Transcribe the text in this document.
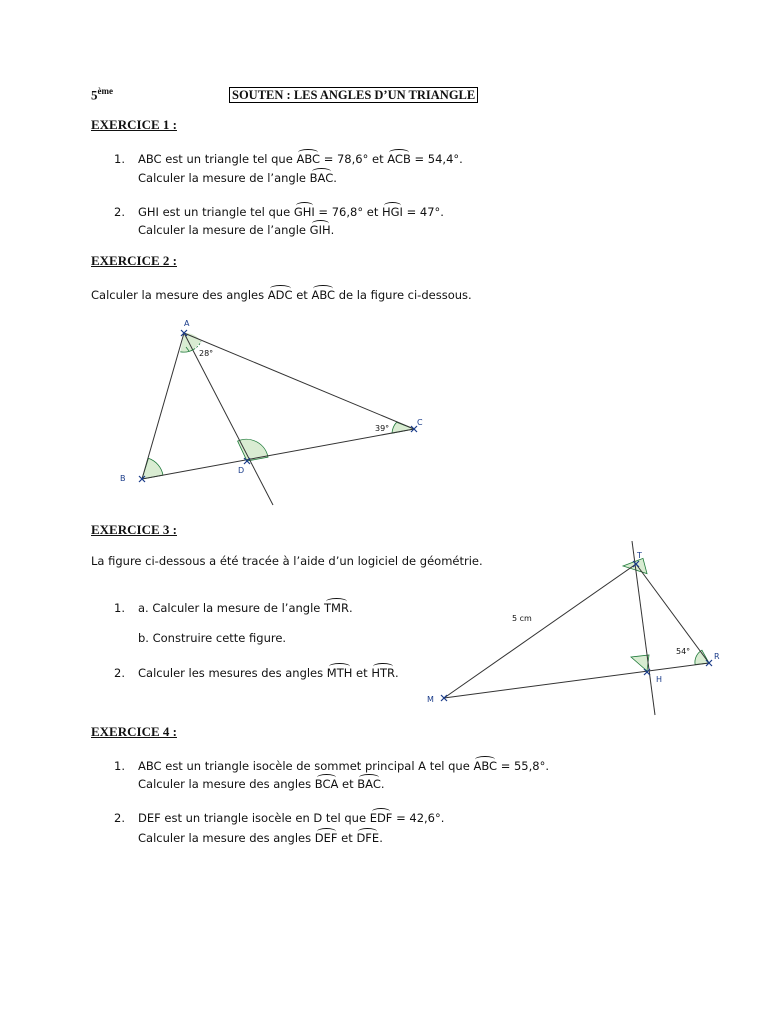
5ème	SOUTEN : LES ANGLES D’UN TRIANGLE
EXERCICE 1 :
1. ABC est un triangle tel que ABC = 78,6° et ACB = 54,4°.
Calculer la mesure de l’angle BAC.
2. GHI est un triangle tel que GHI = 76,8° et HGI = 47°.
Calculer la mesure de l’angle GIH.
EXERCICE 2 :
Calculer la mesure des angles ADC et ABC de la figure ci-dessous.
A
B
C
D
28°
39°
EXERCICE 3 :
La figure ci-dessous a été tracée à l’aide d’un logiciel de géométrie.
1. a. Calculer la mesure de l’angle TMR.
b. Construire cette figure.
2. Calculer les mesures des angles MTH et HTR.
T
M
R
H
5 cm
54°
EXERCICE 4 :
1. ABC est un triangle isocèle de sommet principal A tel que ABC = 55,8°.
Calculer la mesure des angles BCA et BAC.
2. DEF est un triangle isocèle en D tel que EDF = 42,6°.
Calculer la mesure des angles DEF et DFE.
